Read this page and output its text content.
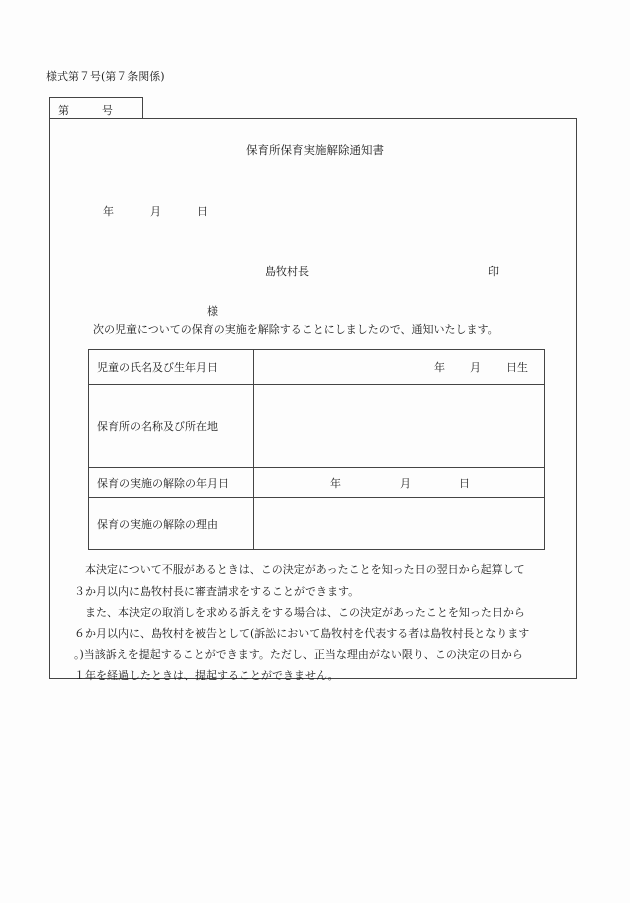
様式第７号(第７条関係)
第	号
保育所保育実施解除通知書
年	月	日
島牧村長	印
様
次の児童についての保育の実施を解除することにしましたので、通知いたします。
児童の氏名及び生年月日	年 月 日生

保育所の名称及び所在地	
保育の実施の解除の年月日	年 月 日

保育の実施の解除の理由	
　本決定について不服があるときは、この決定があったことを知った日の翌日から起算して
３か月以内に島牧村長に審査請求をすることができます。
　また、本決定の取消しを求める訴えをする場合は、この決定があったことを知った日から
６か月以内に、島牧村を被告として(訴訟において島牧村を代表する者は島牧村長となります
。)当該訴えを提起することができます。ただし、正当な理由がない限り、この決定の日から
１年を経過したときは、提起することができません。
